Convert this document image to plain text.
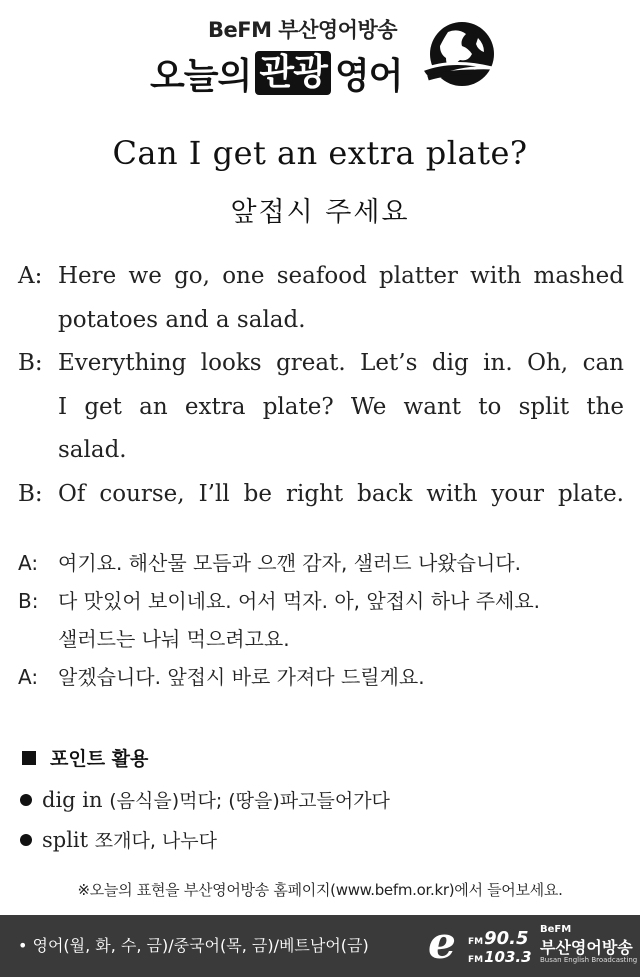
BeFM 부산영어방송
오늘의 관광 영어
Can I get an extra plate?
앞접시 주세요
A: Here we go, one seafood platter with mashed
potatoes and a salad.
B: Everything looks great. Let’s dig in. Oh, can
I get an extra plate? We want to split the
salad.
B: Of course, I’ll be right back with your plate.
A: 여기요. 해산물 모듬과 으깬 감자, 샐러드 나왔습니다.
B: 다 맛있어 보이네요. 어서 먹자. 아, 앞접시 하나 주세요.
샐러드는 나눠 먹으려고요.
A: 알겠습니다. 앞접시 바로 가져다 드릴게요.
포인트 활용
dig in
(음식을)먹다; (땅을)파고들어가다
split
쪼개다, 나누다
※오늘의 표현을 부산영어방송 홈페이지(www.befm.or.kr)에서 들어보세요.
• 영어(월, 화, 수, 금)/중국어(목, 금)/베트남어(금) e FM90.5
FM103.3
BeFM
부산영어방송
Busan English Broadcasting
